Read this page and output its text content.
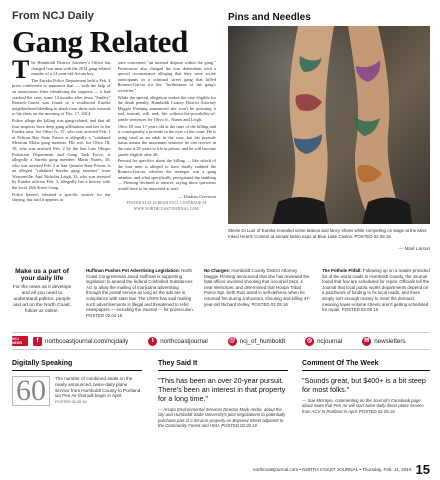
From NCJ Daily
Gang Related

The Humboldt District Attorney's Office has charged four men with the 2014 gang-related murder of a 14-year-old Arcata boy.

The Eureka Police Department held a Feb. 4 press conference to announce that — with the help of an anonymous letter identifying the suspects — it had cracked the case, some 14 months after Jesus "Smiley" Romero-Garcia was found in a residential Eureka neighborhood bleeding to death from three stab wounds to his chest on the morning of Dec. 17, 2014.

Police allege the killing was gang-related, and that all four suspects have deep gang affiliations and ties to the Eureka area. Joe Olivo Jr., 37, who was arrested Feb. 1 at Pelican Bay State Prison is allegedly a "validated Mexican Mafia gang member. His son, Joe Olivo III, 18, who was arrested Feb. 2 by the San Luis Obispo Probation Department and Gang Task Force, is allegedly a Sureño gang member. Mario Nunes, 30, who was arrested Feb. 2 at San Quentin State Prison, is an alleged "validated Sureño gang member" from Watsonville. And Nicholas Leigh, 33, who was arrested by Eureka officers Feb. 3, allegedly has a history with the local 18th Street Gang.

Police haven't released a specific motive for the slaying, but said it appears to

have concerned "an internal dispute within the gang." Prosecutors also charged the four defendants with a special circumstance alleging that they were active participants in a criminal street gang that killed Romero-Garcia for the "furtherance of the gang's activities."

While the special allegation makes the case eligible for the death penalty, Humboldt County District Attorney Maggie Fleming announced she won't be pursuing it and, instead, will seek life without-the-possibility-of-parole sentences for Olivo Jr., Nunes and Leigh.

Olivo III was 17 years old at the time of the killing and is consequently a juvenile in the eyes of the court. He is being tried as an adult in the case, but his juvenile status means the maximum sentence he can receive in the case is 25 years to life in prison, and he will become parole eligible after 20.

Pressed for specifics about the killing — like which of the four men is alleged to have fatally stabbed the Romero-Garcia, whether the teenager was a gang member, and what specifically precipitated the stabbing — Fleming declined to answer, saying those questions would have to be answered at trial.

— Thadeus Greenson
POSTED 02.05.16 READ FULL COVERAGE AT WWW.NORTHCOASTJOURNAL.COM.
Pins and Needles
Stevie Di Luor of Eureka revealed some tattoos and fancy shoes while competing on stage at the Miss Inked Hearts Contest at annual tattoo expo at Blue Lake Casino. POSTED 02.08.16
— Mark Larson
Make us a part of your daily life
For the news as it develops and all you need to understand politics, people and art on the North Coast, follow us online.
Huffman Pushes Pot Advertising Legislation: North Coast Congressman Jared Huffman is supporting legislation to amend the federal Controlled Substances Act to allow the mailing of marijuana advertising through the postal service as long as the ads are in compliance with state law. The USPS has said mailing such advertisements is illegal and threatened to refer newspapers — including the Journal — for prosecution. POSTED 02.04.16
No Charges: Humboldt County District Attorney Maggie Fleming announced that she has reviewed the fatal officer-involved shooting that occurred Sept. 4 near Weitchpec and determined that Hoopa Tribal Police Sgt. Seth Ruiz acted in self-defense when he returned fire during a shootout, shooting and killing 47-year-old Richard Kelley. POSTED 02.05.16
The Pothole Pitfall: Following up on a reader-provided list of the worst roads in Humboldt County, the Journal found that few are scheduled for repair. Officials tell the Journal that local public works departments depend on a patchwork of funding to fix local roads, and there simply isn't enough money to meet the demand, meaning lower-volume streets aren't getting scheduled for repair. POSTED 02.06.16
NCJ NEWS	f	northcoastjournal.com/ncjdaily	t	northcoastjournal	@ ncj_of_humboldt	◎ ncjournal	✉ newsletters
Digitally Speaking
60	The number of combined seats on the newly announced, twice-daily plane service from Humboldt County to Portland via Pen Air that will begin in April.
POSTED 02.05.16
They Said It
"This has been an over 20-year pursuit. There's been an interest in that property for a long time."
— Arcata Environmental Services Director Mark Andre, about the city and Humboldt State University's joint negotiations to potentially purchase part of a 58-acre property on Bayview Street adjacent to the Community Forest and HSU. POSTED 02.03.16
Comment Of The Week
"Sounds great, but $400+ is a bit steep for most folks."
— Sue McIntyre, commenting on the Journal's Facebook page about news that Pen Air will start twice-daily direct plane service from ACV to Portland in April. POSTED 02.05.16
northcoastjournal.com • NORTH COAST JOURNAL • Thursday, Feb. 11, 2016 15
